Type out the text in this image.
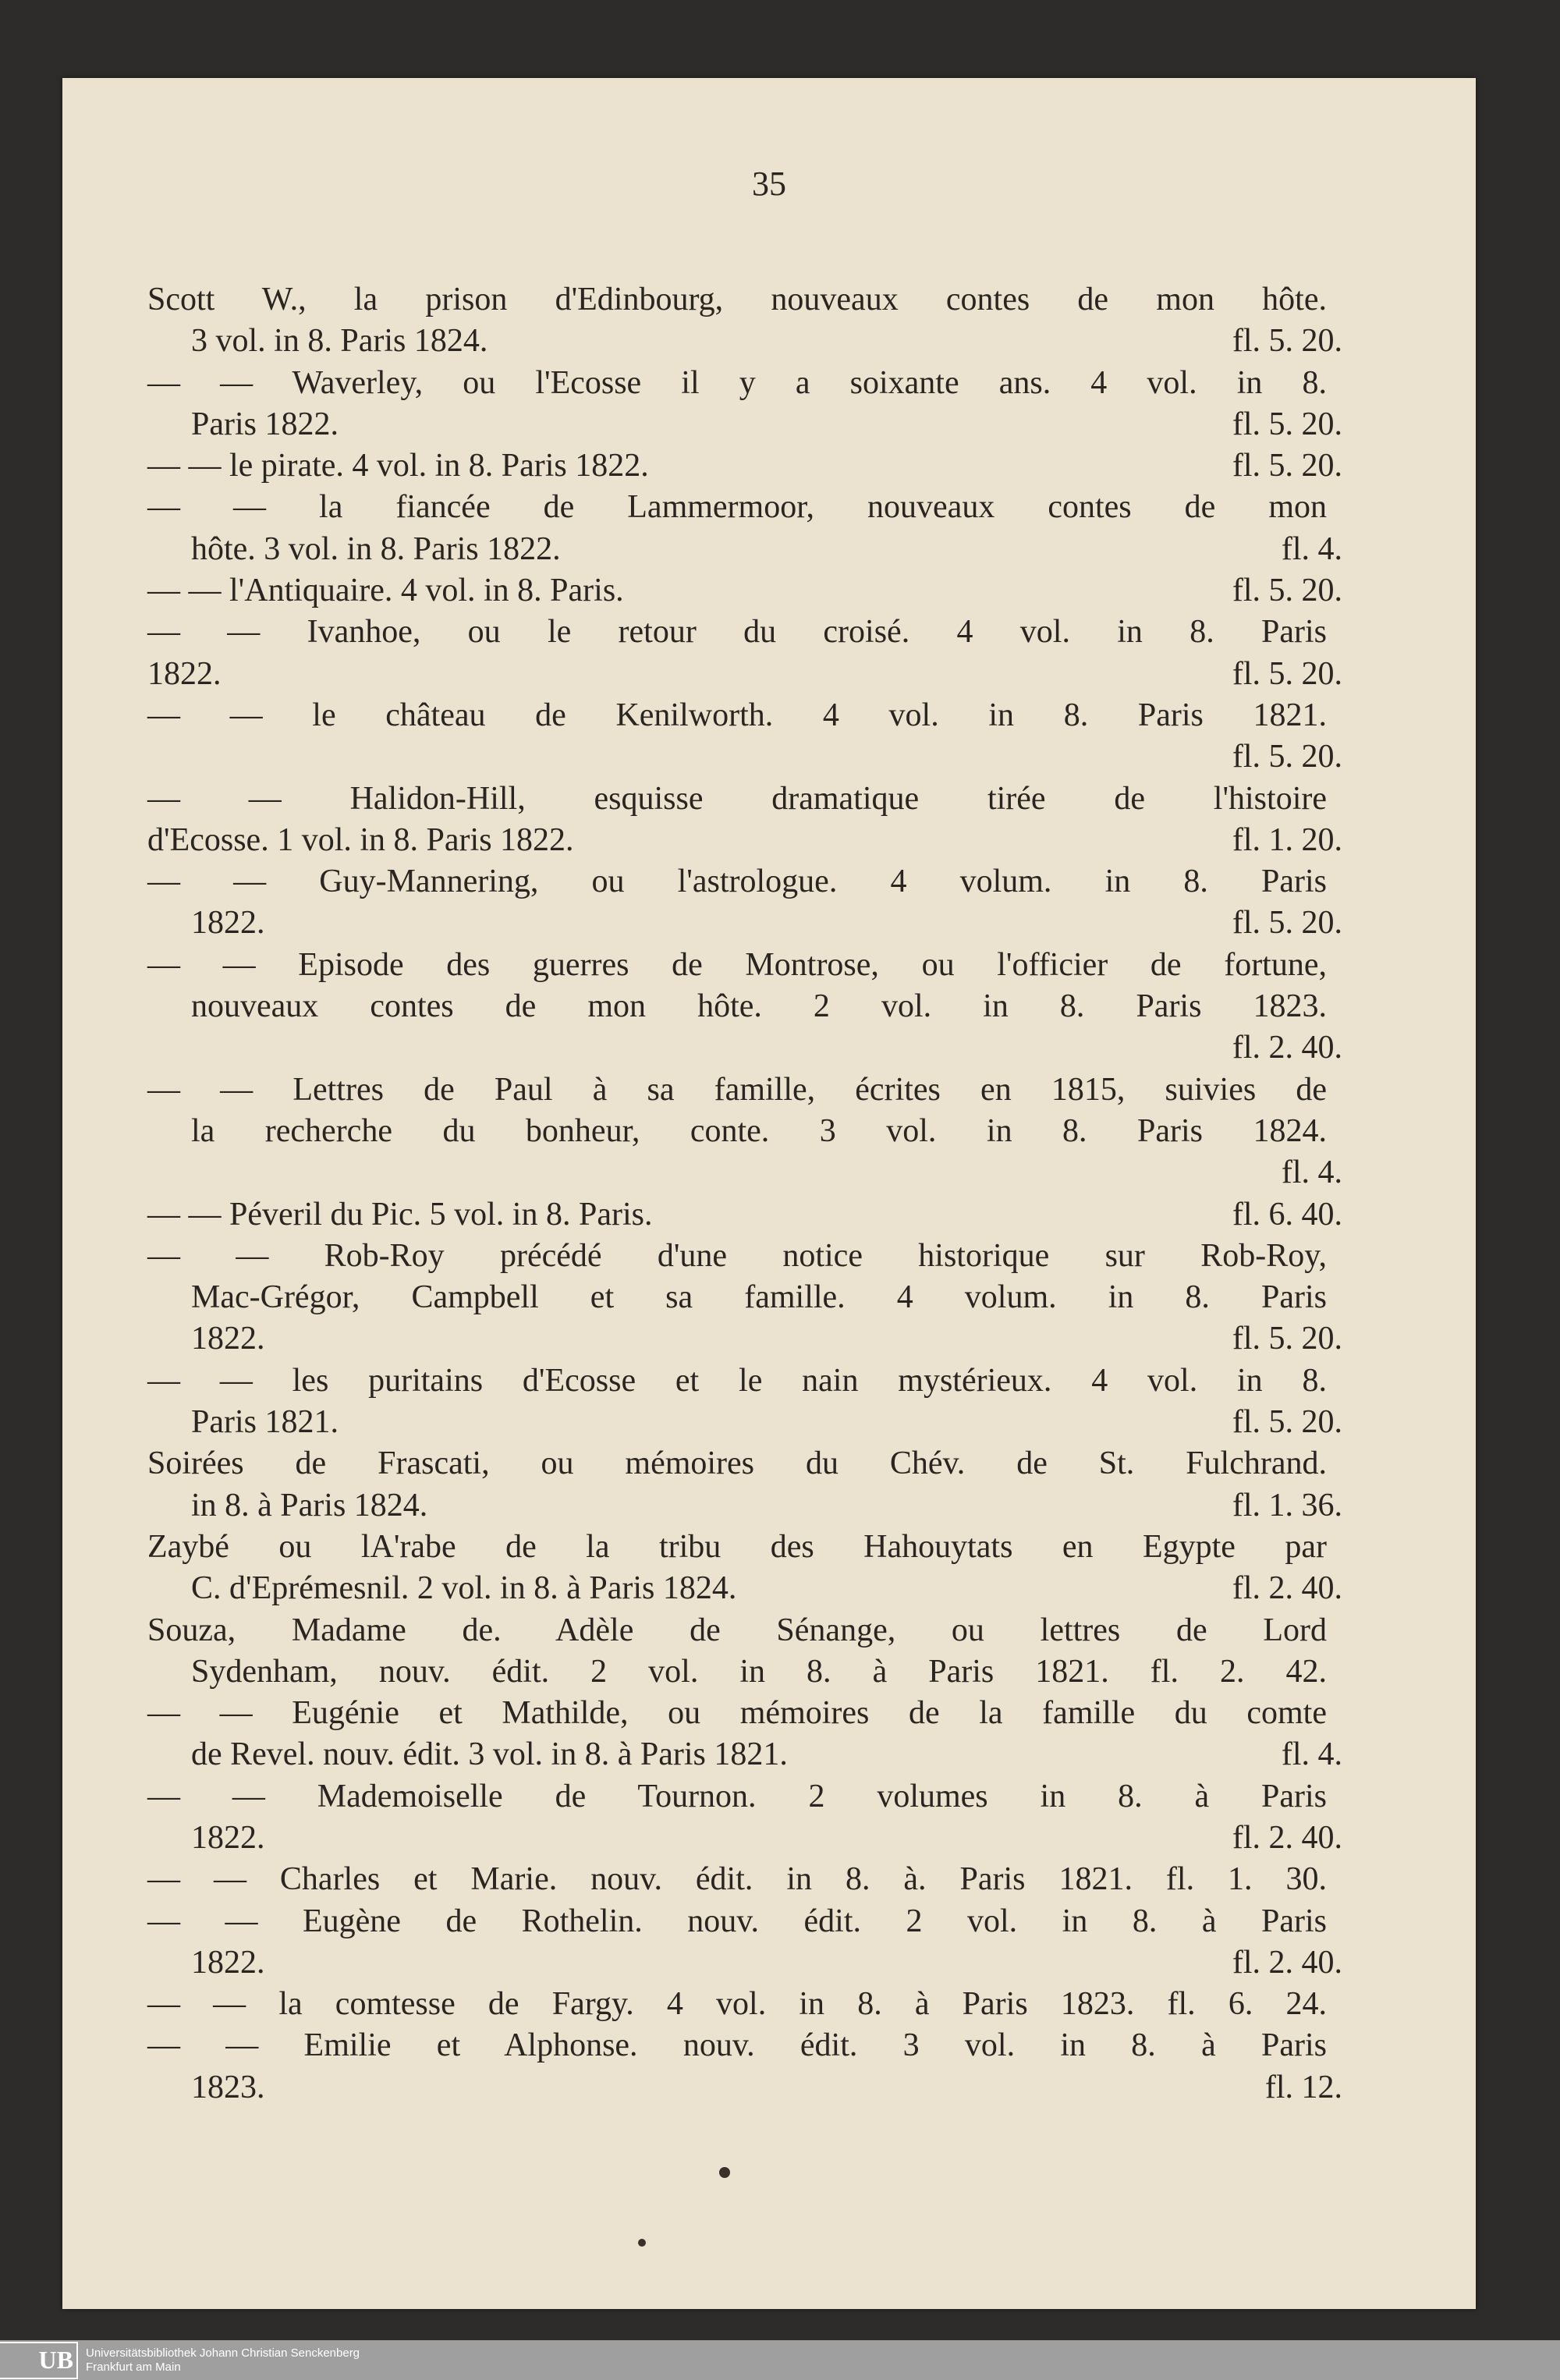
35
Scott W., la prison d'Edinbourg, nouveaux contes de mon hôte.
3 vol. in 8. Paris 1824.	fl. 5. 20.
— — Waverley, ou l'Ecosse il y a soixante ans. 4 vol. in 8.
Paris 1822.	fl. 5. 20.
— — le pirate. 4 vol. in 8. Paris 1822.	fl. 5. 20.
— — la fiancée de Lammermoor, nouveaux contes de mon
hôte. 3 vol. in 8. Paris 1822.	fl. 4.
— — l'Antiquaire. 4 vol. in 8. Paris.	fl. 5. 20.
— — Ivanhoe, ou le retour du croisé. 4 vol. in 8. Paris
1822.	fl. 5. 20.
— — le château de Kenilworth. 4 vol. in 8. Paris 1821.
fl. 5. 20.
— — Halidon-Hill, esquisse dramatique tirée de l'histoire
d'Ecosse. 1 vol. in 8. Paris 1822.	fl. 1. 20.
— — Guy-Mannering, ou l'astrologue. 4 volum. in 8. Paris
1822.	fl. 5. 20.
— — Episode des guerres de Montrose, ou l'officier de fortune,
nouveaux contes de mon hôte. 2 vol. in 8. Paris 1823.
fl. 2. 40.
— — Lettres de Paul à sa famille, écrites en 1815, suivies de
la recherche du bonheur, conte. 3 vol. in 8. Paris 1824.
fl. 4.
— — Péveril du Pic. 5 vol. in 8. Paris.	fl. 6. 40.
— — Rob-Roy précédé d'une notice historique sur Rob-Roy,
Mac-Grégor, Campbell et sa famille. 4 volum. in 8. Paris
1822.	fl. 5. 20.
— — les puritains d'Ecosse et le nain mystérieux. 4 vol. in 8.
Paris 1821.	fl. 5. 20.
Soirées de Frascati, ou mémoires du Chév. de St. Fulchrand.
in 8. à Paris 1824.	fl. 1. 36.
Zaybé ou lA'rabe de la tribu des Hahouytats en Egypte par
C. d'Eprémesnil. 2 vol. in 8. à Paris 1824.	fl. 2. 40.
Souza, Madame de. Adèle de Sénange, ou lettres de Lord
Sydenham, nouv. édit. 2 vol. in 8. à Paris 1821. fl. 2. 42.
— — Eugénie et Mathilde, ou mémoires de la famille du comte
de Revel. nouv. édit. 3 vol. in 8. à Paris 1821.	fl. 4.
— — Mademoiselle de Tournon. 2 volumes in 8. à Paris
1822.	fl. 2. 40.
— — Charles et Marie. nouv. édit. in 8. à. Paris 1821. fl. 1. 30.
— — Eugène de Rothelin. nouv. édit. 2 vol. in 8. à Paris
1822.	fl. 2. 40.
— — la comtesse de Fargy. 4 vol. in 8. à Paris 1823. fl. 6. 24.
— — Emilie et Alphonse. nouv. édit. 3 vol. in 8. à Paris
1823.	fl. 12.
UB	Universitätsbibliothek Johann Christian Senckenberg
Frankfurt am Main
